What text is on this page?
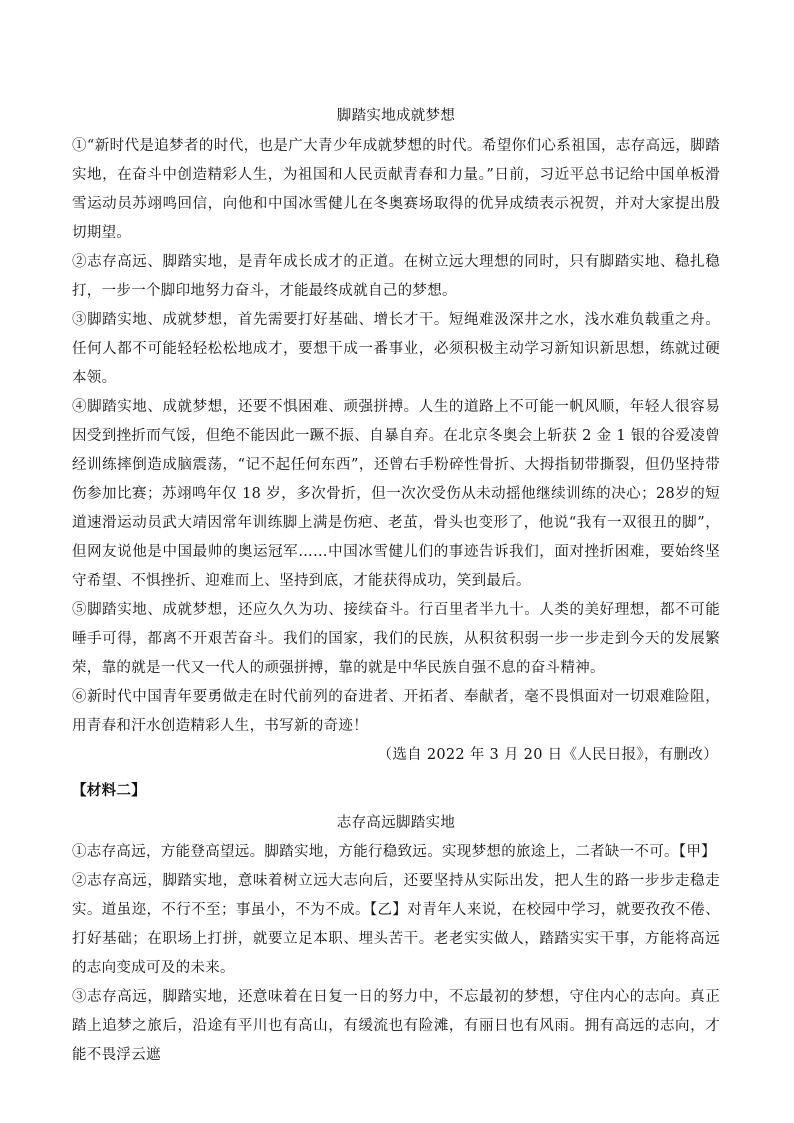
脚踏实地成就梦想

①“新时代是追梦者的时代，也是广大青少年成就梦想的时代。希望你们心系祖国，志存高远，脚踏实地，在奋斗中创造精彩人生，为祖国和人民贡献青春和力量。”日前，习近平总书记给中国单板滑雪运动员苏翊鸣回信，向他和中国冰雪健儿在冬奥赛场取得的优异成绩表示祝贺，并对大家提出殷切期望。

②志存高远、脚踏实地，是青年成长成才的正道。在树立远大理想的同时，只有脚踏实地、稳扎稳打，一步一个脚印地努力奋斗，才能最终成就自己的梦想。

③脚踏实地、成就梦想，首先需要打好基础、增长才干。短绳难汲深井之水，浅水难负载重之舟。任何人都不可能轻轻松松地成才，要想干成一番事业，必须积极主动学习新知识新思想，练就过硬本领。

④脚踏实地、成就梦想，还要不惧困难、顽强拼搏。人生的道路上不可能一帆风顺，年轻人很容易因受到挫折而气馁，但绝不能因此一蹶不振、自暴自弃。在北京冬奥会上斩获 2 金 1 银的谷爱凌曾经训练摔倒造成脑震荡，“记不起任何东西”，还曾右手粉碎性骨折、大拇指韧带撕裂，但仍坚持带伤参加比赛；苏翊鸣年仅 18 岁，多次骨折，但一次次受伤从未动摇他继续训练的决心；28岁的短道速滑运动员武大靖因常年训练脚上满是伤疤、老茧，骨头也变形了，他说“我有一双很丑的脚”，但网友说他是中国最帅的奥运冠军……中国冰雪健儿们的事迹告诉我们，面对挫折困难，要始终坚守希望、不惧挫折、迎难而上、坚持到底，才能获得成功，笑到最后。

⑤脚踏实地、成就梦想，还应久久为功、接续奋斗。行百里者半九十。人类的美好理想，都不可能唾手可得，都离不开艰苦奋斗。我们的国家，我们的民族，从积贫积弱一步一步走到今天的发展繁荣，靠的就是一代又一代人的顽强拼搏，靠的就是中华民族自强不息的奋斗精神。

⑥新时代中国青年要勇做走在时代前列的奋进者、开拓者、奉献者，毫不畏惧面对一切艰难险阻，用青春和汗水创造精彩人生，书写新的奇迹！

（选自 2022 年 3 月 20 日《人民日报》，有删改）

【材料二】
志存高远脚踏实地

①志存高远，方能登高望远。脚踏实地，方能行稳致远。实现梦想的旅途上，二者缺一不可。【甲】

②志存高远，脚踏实地，意味着树立远大志向后，还要坚持从实际出发，把人生的路一步步走稳走实。道虽迩，不行不至；事虽小，不为不成。【乙】对青年人来说，在校园中学习，就要孜孜不倦、打好基础；在职场上打拼，就要立足本职、埋头苦干。老老实实做人，踏踏实实干事，方能将高远的志向变成可及的未来。

③志存高远，脚踏实地，还意味着在日复一日的努力中，不忘最初的梦想，守住内心的志向。真正踏上追梦之旅后，沿途有平川也有高山，有缓流也有险滩，有丽日也有风雨。拥有高远的志向，才能不畏浮云遮
